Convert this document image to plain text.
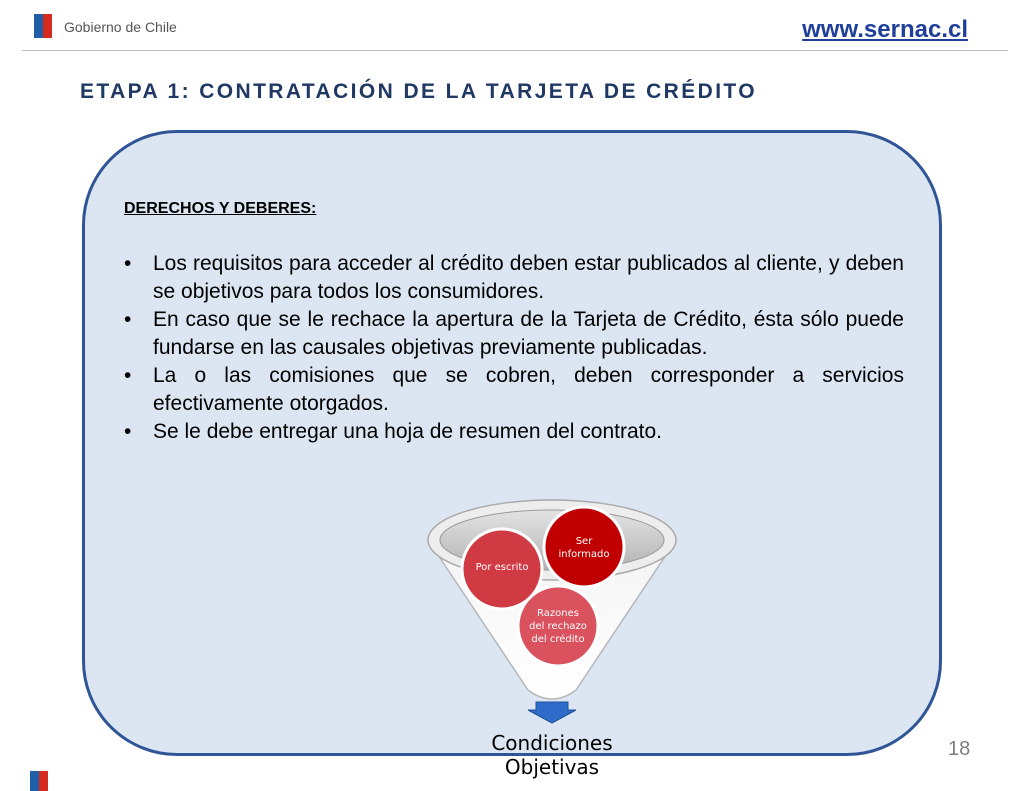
Gobierno de Chile	www.sernac.cl
ETAPA 1: CONTRATACIÓN DE LA TARJETA DE CRÉDITO
DERECHOS Y DEBERES:
• Los requisitos para acceder al crédito deben estar publicados al cliente, y deben se objetivos para todos los consumidores.
• En caso que se le rechace la apertura de la Tarjeta de Crédito, ésta sólo puede fundarse en las causales objetivas previamente publicadas.
• La o las comisiones que se cobren, deben corresponder a servicios efectivamente otorgados.
• Se le debe entregar una hoja de resumen del contrato.
Razones
del rechazo
del crédito
Por escrito
Ser
informado
Condiciones Objetivas
18
